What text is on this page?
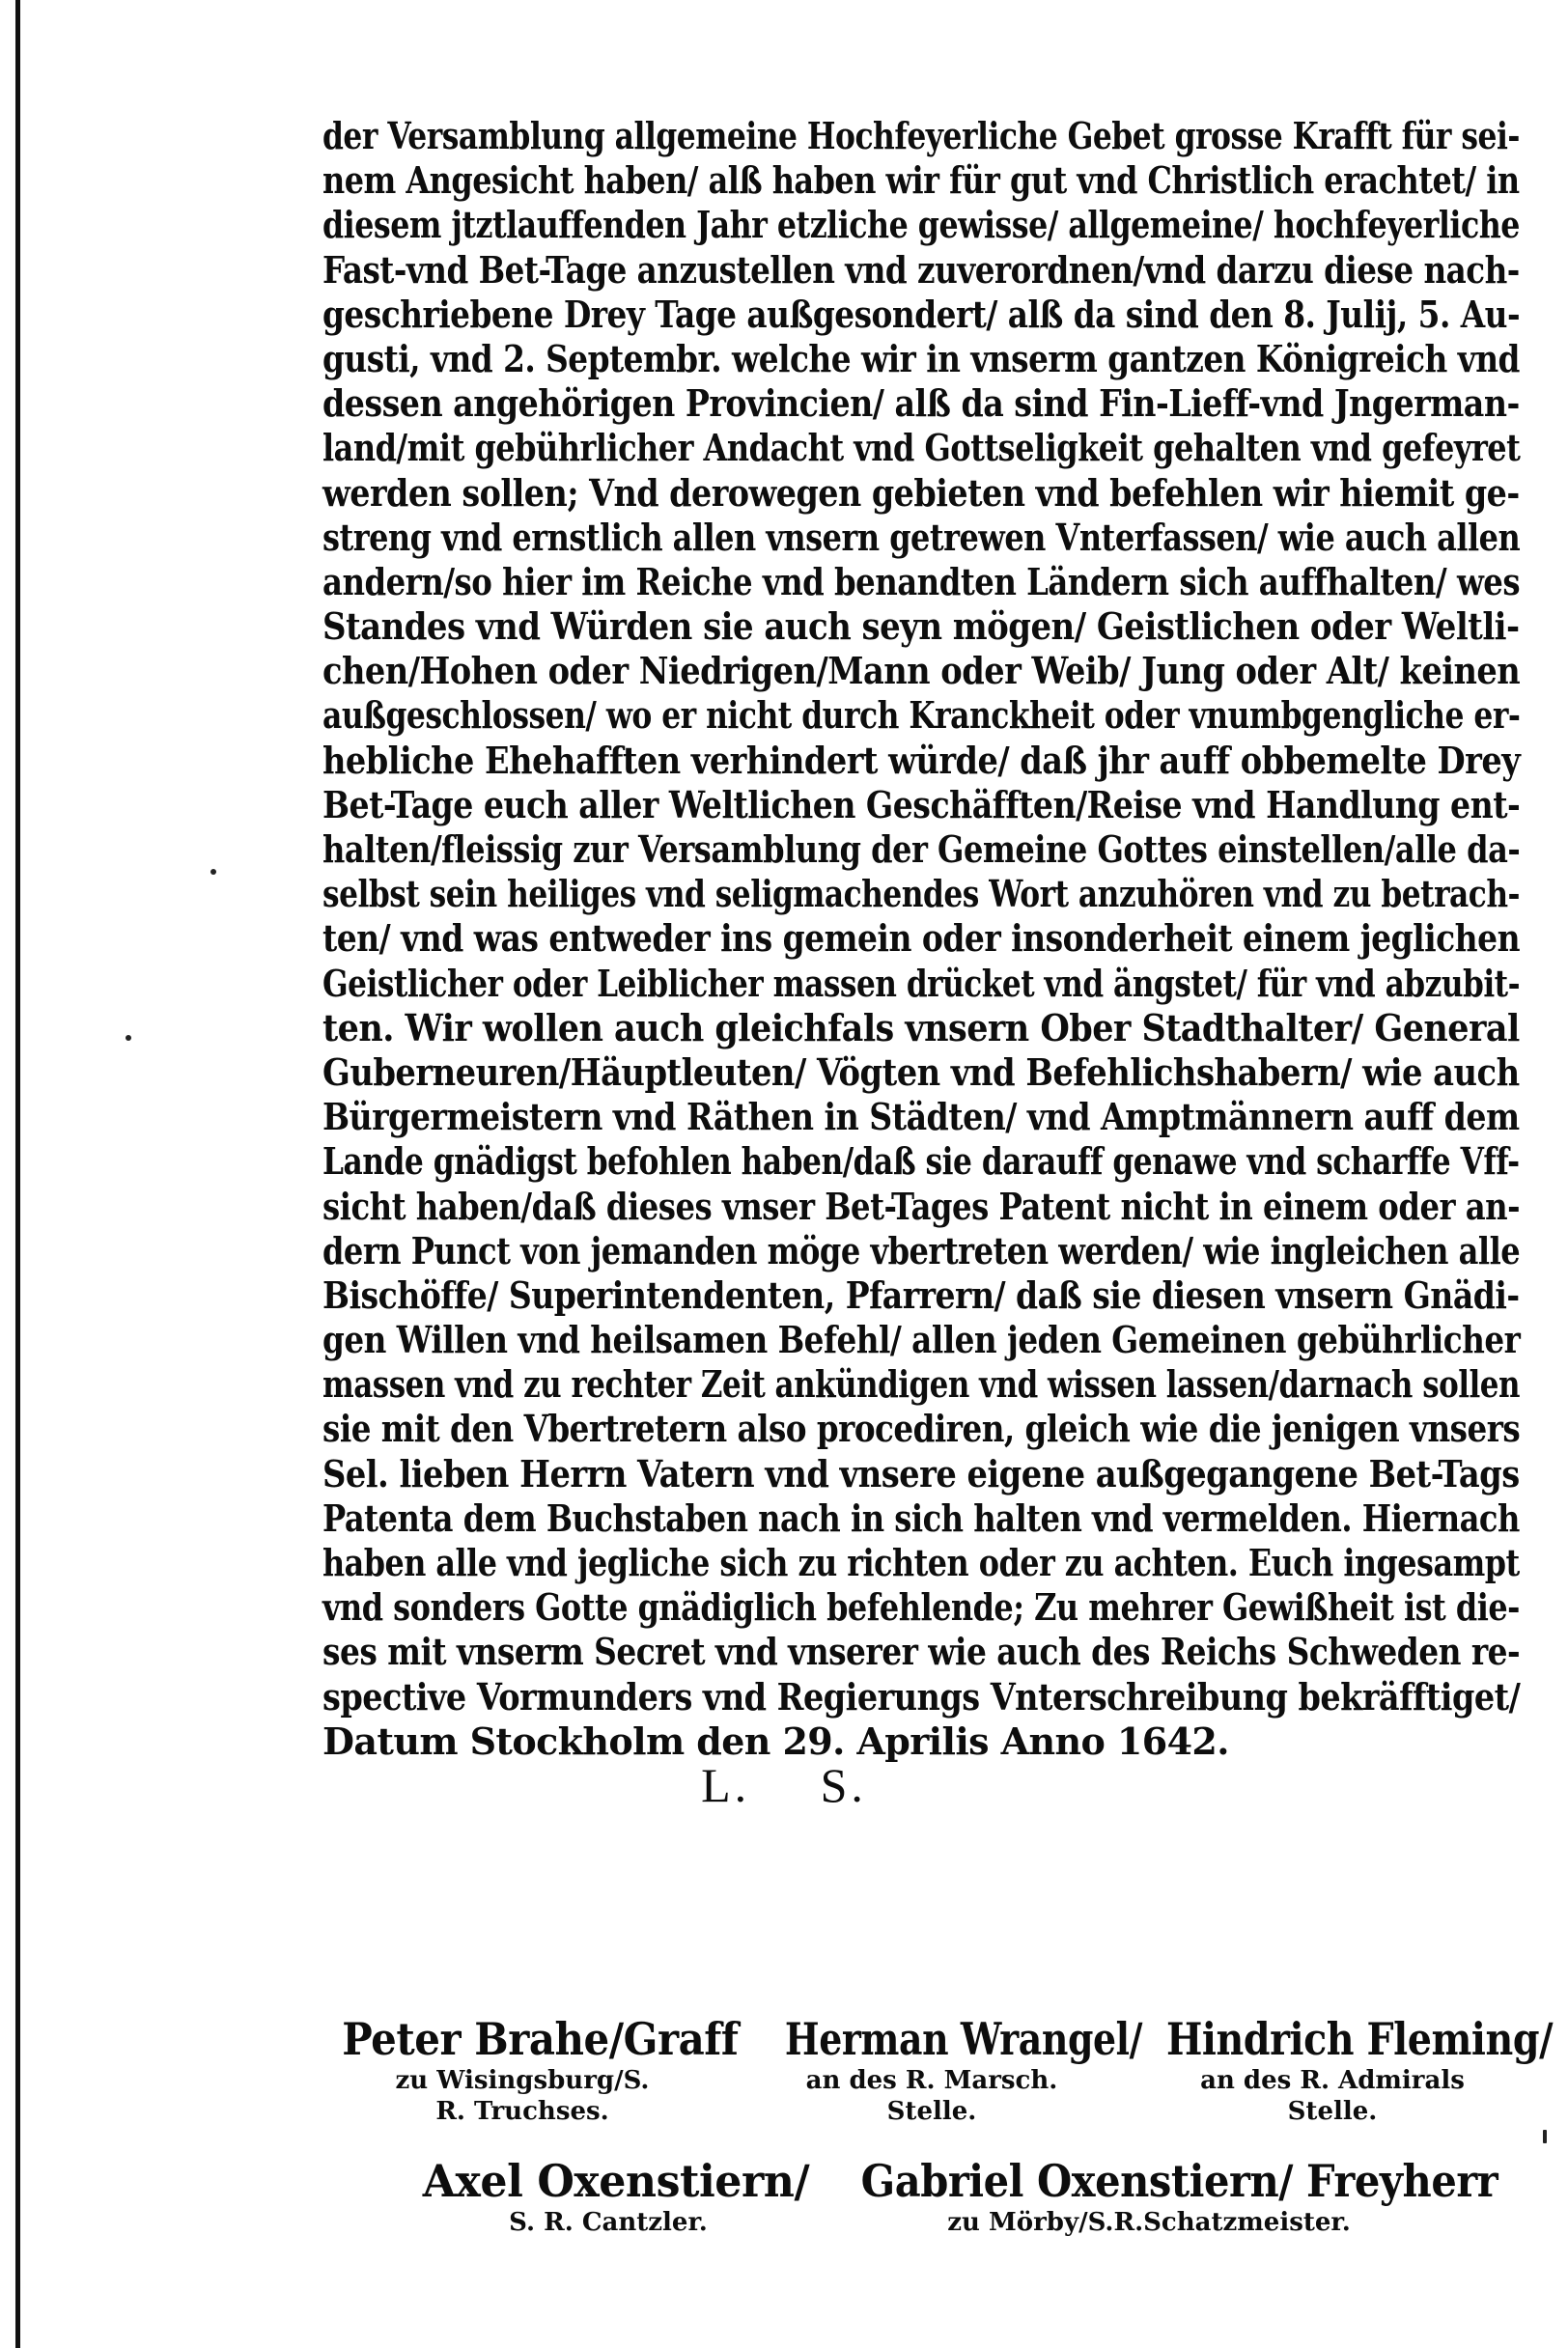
der Versamblung allgemeine Hochfeyerliche Gebet grosse Krafft für sei-
nem Angesicht haben/ alß haben wir für gut vnd Christlich erachtet/ in
diesem jtztlauffenden Jahr etzliche gewisse/ allgemeine/ hochfeyerliche
Fast-vnd Bet-Tage anzustellen vnd zuverordnen/vnd darzu diese nach-
geschriebene Drey Tage außgesondert/ alß da sind den 8. Julij, 5. Au-
gusti, vnd 2. Septembr. welche wir in vnserm gantzen Königreich vnd
dessen angehörigen Provincien/ alß da sind Fin-Lieff-vnd Jngerman-
land/mit gebührlicher Andacht vnd Gottseligkeit gehalten vnd gefeyret
werden sollen; Vnd derowegen gebieten vnd befehlen wir hiemit ge-
streng vnd ernstlich allen vnsern getrewen Vnterfassen/ wie auch allen
andern/so hier im Reiche vnd benandten Ländern sich auffhalten/ wes
Standes vnd Würden sie auch seyn mögen/ Geistlichen oder Weltli-
chen/Hohen oder Niedrigen/Mann oder Weib/ Jung oder Alt/ keinen
außgeschlossen/ wo er nicht durch Kranckheit oder vnumbgengliche er-
hebliche Ehehafften verhindert würde/ daß jhr auff obbemelte Drey
Bet-Tage euch aller Weltlichen Geschäfften/Reise vnd Handlung ent-
halten/fleissig zur Versamblung der Gemeine Gottes einstellen/alle da-
selbst sein heiliges vnd seligmachendes Wort anzuhören vnd zu betrach-
ten/ vnd was entweder ins gemein oder insonderheit einem jeglichen
Geistlicher oder Leiblicher massen drücket vnd ängstet/ für vnd abzubit-
ten. Wir wollen auch gleichfals vnsern Ober Stadthalter/ General
Guberneuren/Häuptleuten/ Vögten vnd Befehlichshabern/ wie auch
Bürgermeistern vnd Räthen in Städten/ vnd Amptmännern auff dem
Lande gnädigst befohlen haben/daß sie darauff genawe vnd scharffe Vff-
sicht haben/daß dieses vnser Bet-Tages Patent nicht in einem oder an-
dern Punct von jemanden möge vbertreten werden/ wie ingleichen alle
Bischöffe/ Superintendenten, Pfarrern/ daß sie diesen vnsern Gnädi-
gen Willen vnd heilsamen Befehl/ allen jeden Gemeinen gebührlicher
massen vnd zu rechter Zeit ankündigen vnd wissen lassen/darnach sollen
sie mit den Vbertretern also procediren, gleich wie die jenigen vnsers
Sel. lieben Herrn Vatern vnd vnsere eigene außgegangene Bet-Tags
Patenta dem Buchstaben nach in sich halten vnd vermelden. Hiernach
haben alle vnd jegliche sich zu richten oder zu achten. Euch ingesampt
vnd sonders Gotte gnädiglich befehlende; Zu mehrer Gewißheit ist die-
ses mit vnserm Secret vnd vnserer wie auch des Reichs Schweden re-
spective Vormunders vnd Regierungs Vnterschreibung bekräfftiget/
Datum Stockholm den 29. Aprilis Anno 1642.
L. S.
Peter Brahe/Graff
zu Wisingsburg/S.
R. Truchses.
Herman Wrangel/
an des R. Marsch.
Stelle.
Hindrich Fleming/
an des R. Admirals
Stelle.
Axel Oxenstiern/
S. R. Cantzler.
Gabriel Oxenstiern/ Freyherr
zu Mörby/S.R.Schatzmeister.
